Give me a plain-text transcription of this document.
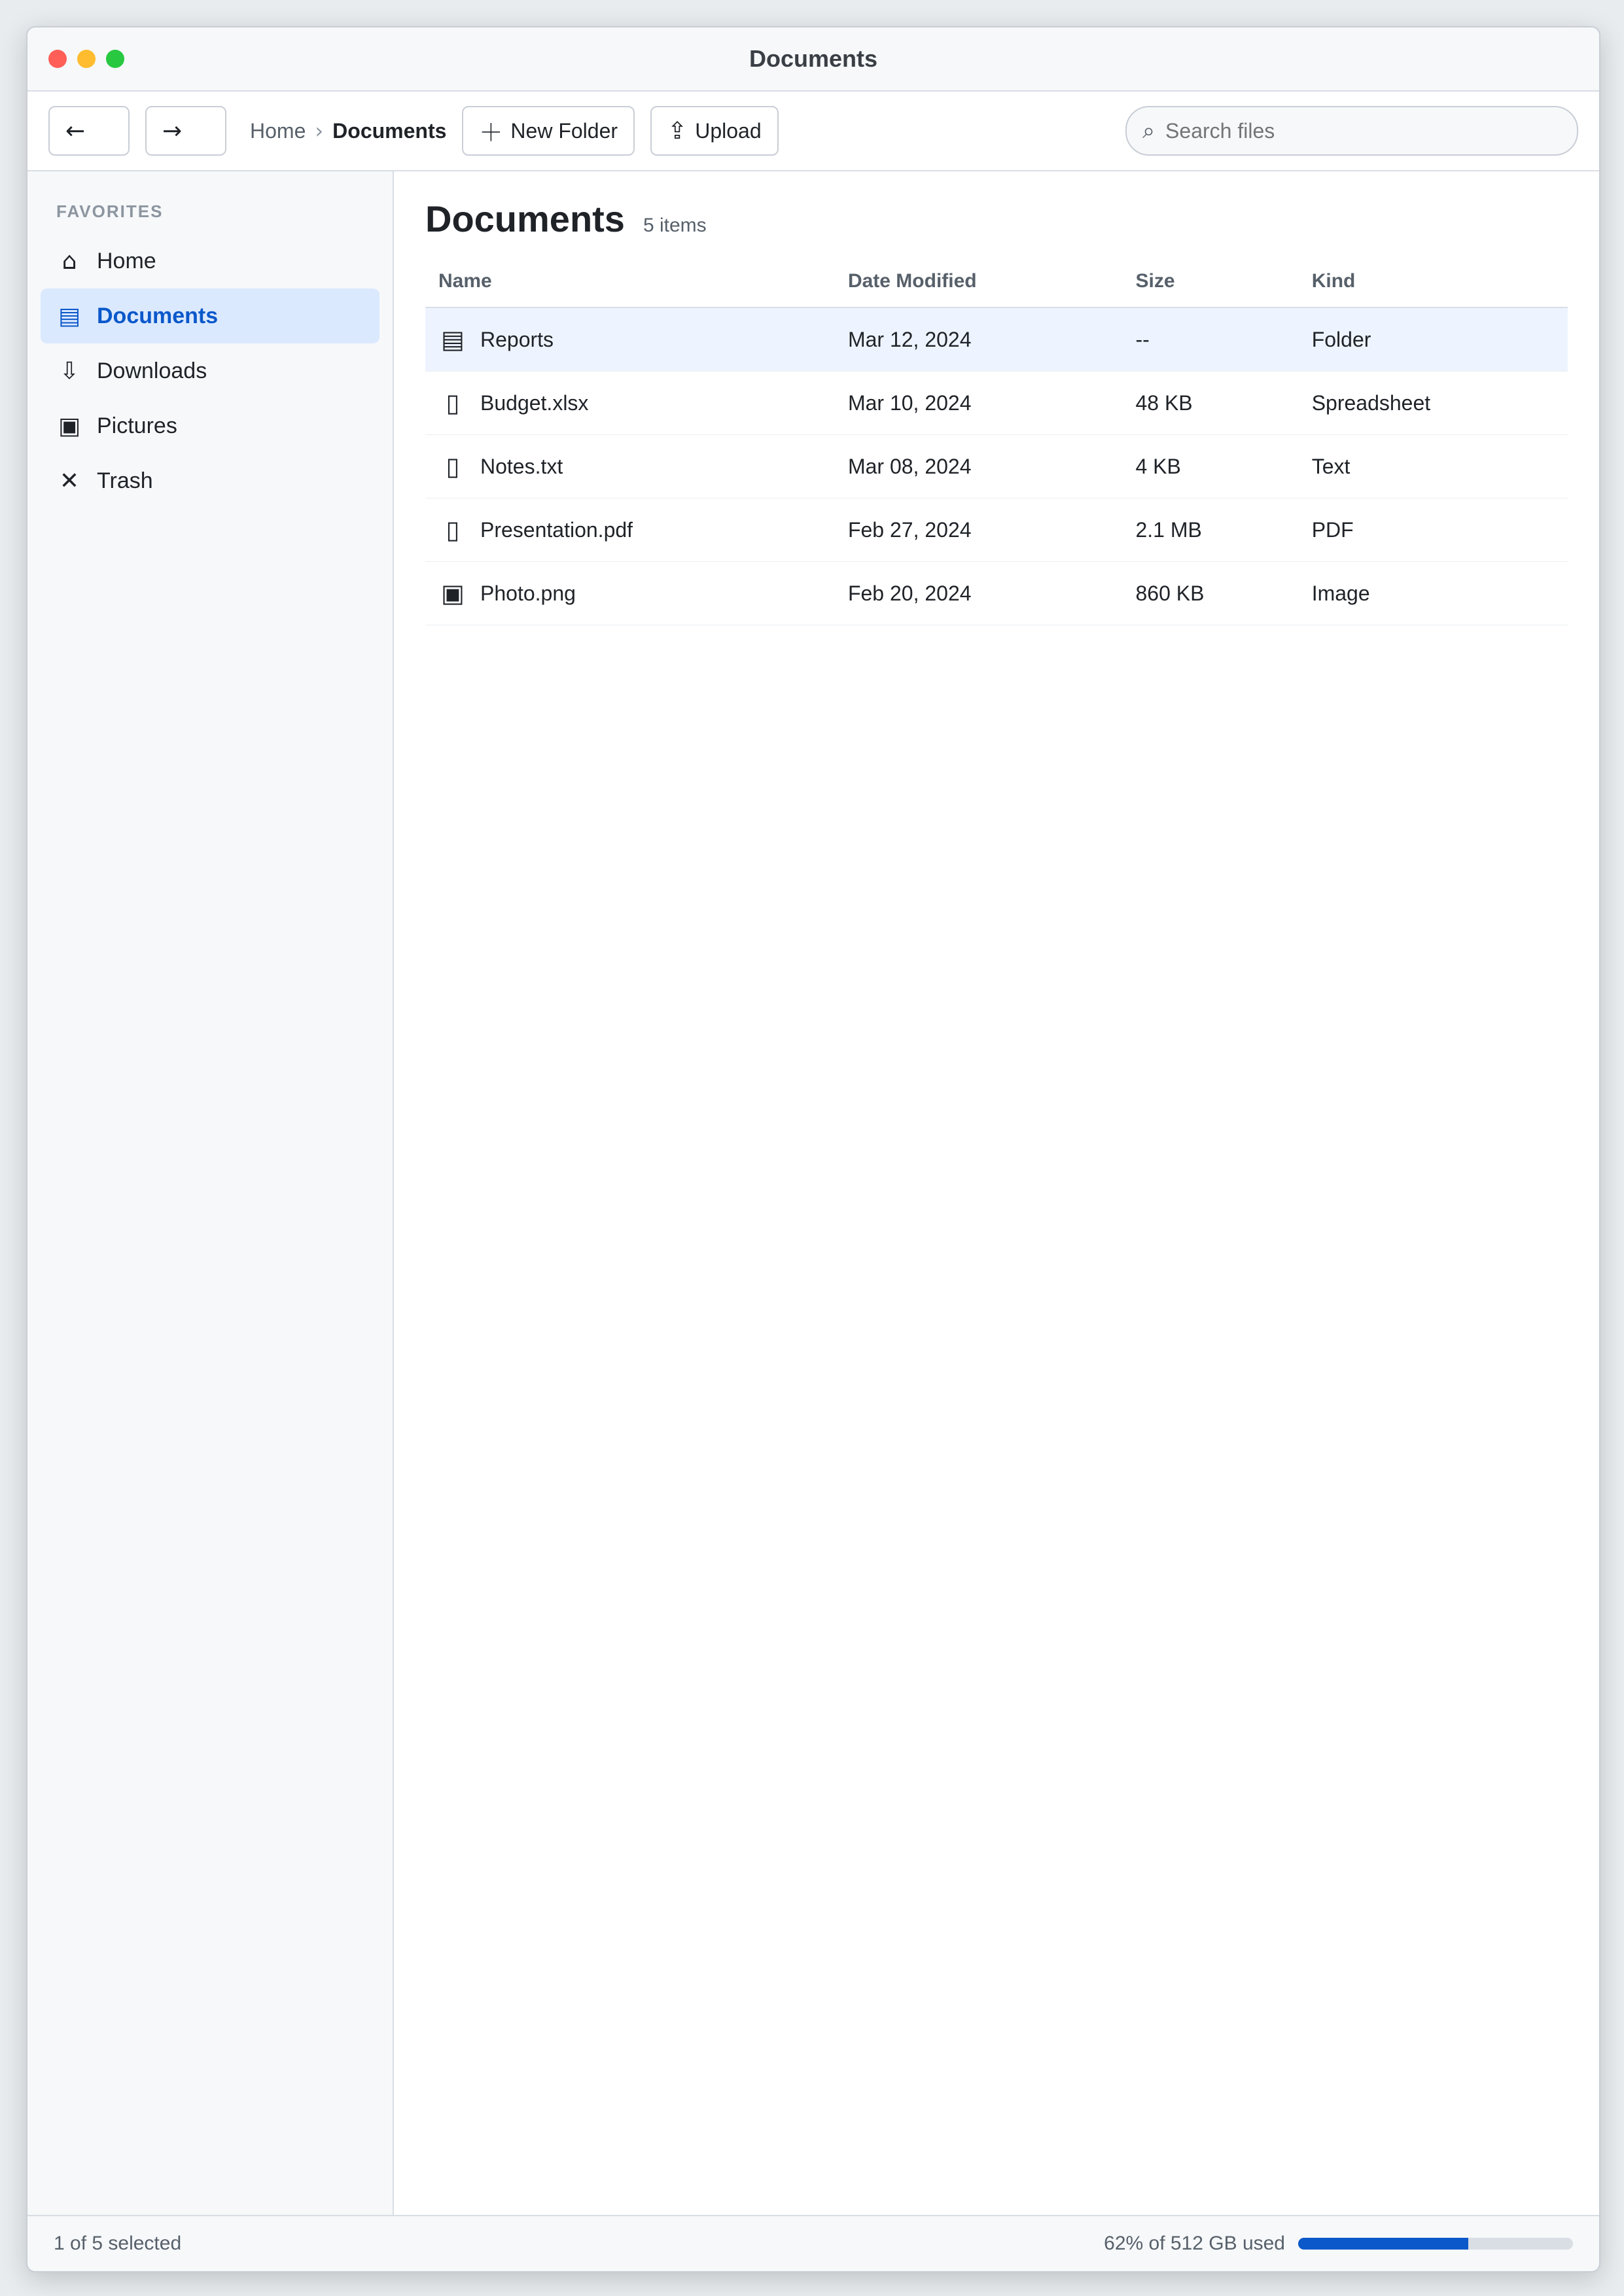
Documents
←	→	Home › Documents ＋ New Folder ⇪ Upload	⌕
Search files
FAVORITES
⌂ Home
▤ Documents
⇩ Downloads
▣ Pictures
✕ Trash
Documents 5 items
Name	Date Modified	Size	Kind

▤ Reports	Mar 12, 2024	--	Folder

▯ Budget.xlsx	Mar 10, 2024	48 KB	Spreadsheet

▯ Notes.txt	Mar 08, 2024	4 KB	Text

▯ Presentation.pdf	Feb 27, 2024	2.1 MB	PDF

▣ Photo.png	Feb 20, 2024	860 KB	Image
1 of 5 selected	62% of 512 GB used
